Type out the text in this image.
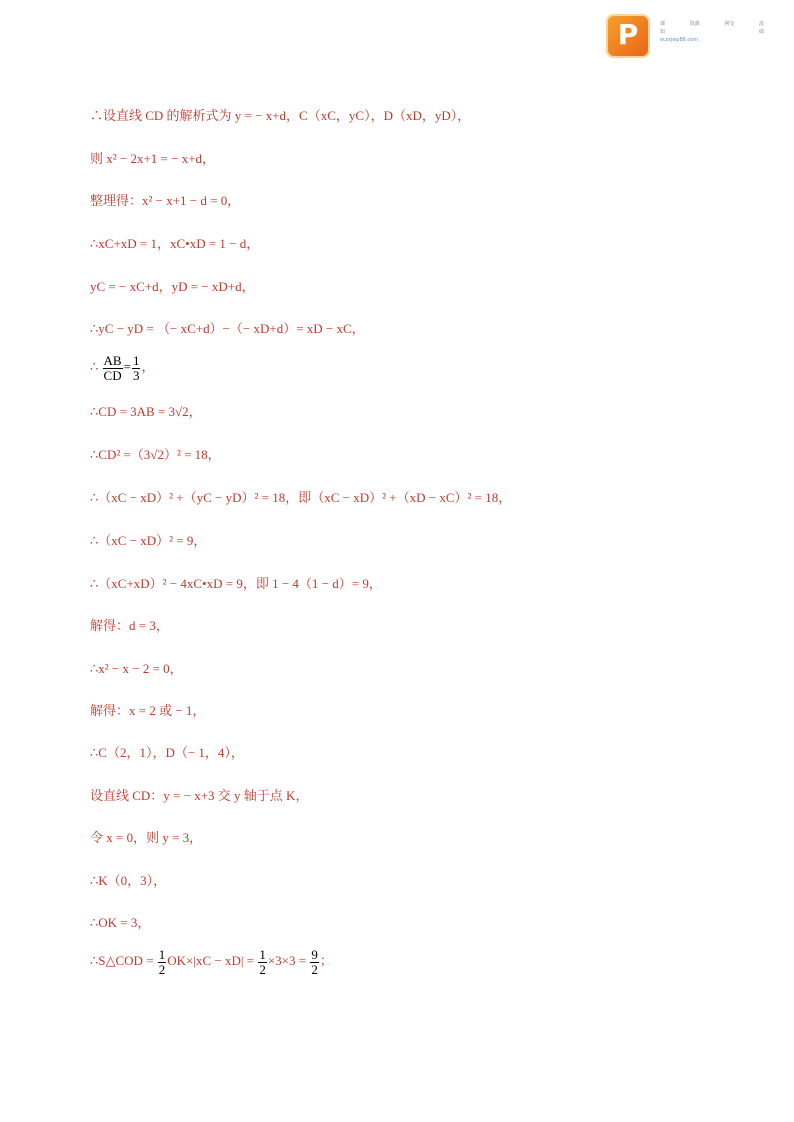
P	课	资源	网交	流
知	础
w.zxjwp88.com
∴设直线 CD 的解析式为 y = − x+d，C（xC，yC），D（xD，yD），
则 x² − 2x+1 = − x+d，
整理得：x² − x+1 − d = 0，
∴xC+xD = 1，xC•xD = 1 − d，
yC = − xC+d，yD = − xD+d，
∴yC − yD = （− xC+d）−（− xD+d）= xD − xC，
∴ $\frac{AB}{CD} = \frac{1}{3}$ ，
∴CD = 3AB = 3√2，
∴CD² =（3√2）² = 18，
∴（xC − xD）² +（yC − yD）² = 18，即（xC − xD）² +（xD − xC）² = 18，
∴（xC − xD）² = 9，
∴（xC+xD）² − 4xC•xD = 9，即 1 − 4（1 − d）= 9，
解得：d = 3，
∴x² − x − 2 = 0，
解得：x = 2 或 − 1，
∴C（2，1），D（− 1，4），
设直线 CD：y = − x+3 交 y 轴于点 K，
令 x = 0，则 y = 3，
∴K（0，3），
∴OK = 3，
∴S△COD = $\frac{1}{2} OK\times|xC - xD| = \frac{1}{2} \times 3\times 3 = \frac{9}{2}$ ；
